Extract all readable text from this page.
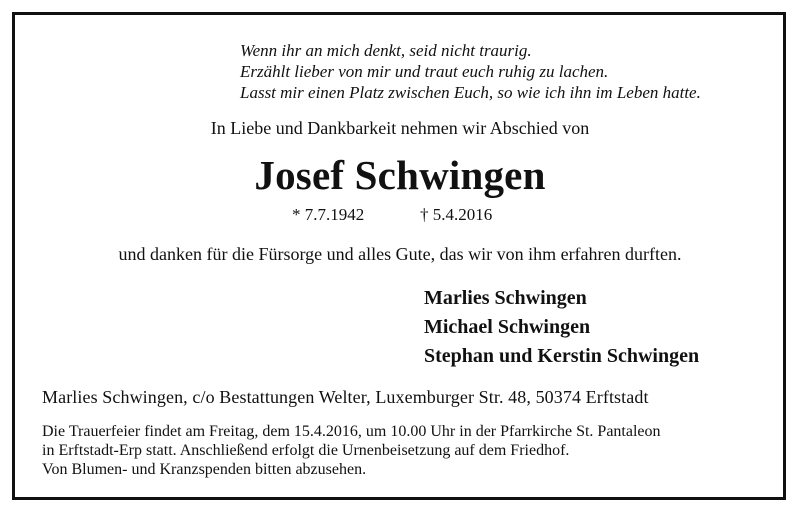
Wenn ihr an mich denkt, seid nicht traurig.
Erzählt lieber von mir und traut euch ruhig zu lachen.
Lasst mir einen Platz zwischen Euch, so wie ich ihn im Leben hatte.
In Liebe und Dankbarkeit nehmen wir Abschied von
Josef Schwingen
* 7.7.1942	† 5.4.2016
und danken für die Fürsorge und alles Gute, das wir von ihm erfahren durften.
Marlies Schwingen
Michael Schwingen
Stephan und Kerstin Schwingen
Marlies Schwingen, c/o Bestattungen Welter, Luxemburger Str. 48, 50374 Erftstadt
Die Trauerfeier findet am Freitag, dem 15.4.2016, um 10.00 Uhr in der Pfarrkirche St. Pantaleon
in Erftstadt-Erp statt. Anschließend erfolgt die Urnenbeisetzung auf dem Friedhof.
Von Blumen- und Kranzspenden bitten abzusehen.
